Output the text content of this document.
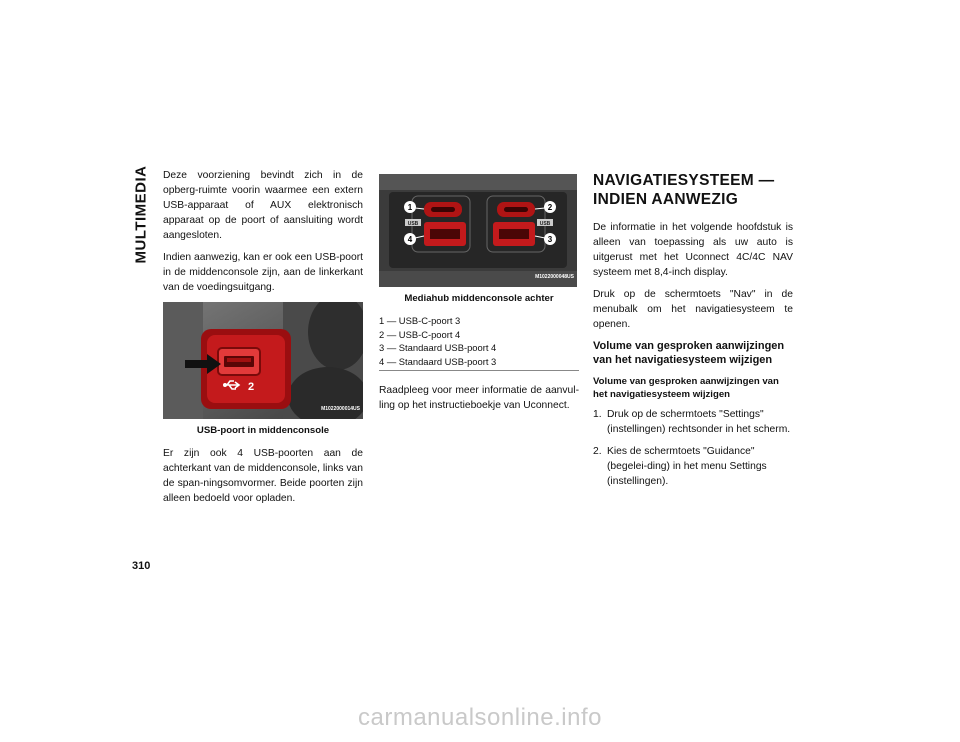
MULTIMEDIA Deze voorziening bevindt zich in de opberg-ruimte voorin waarmee een extern USB-apparaat of AUX elektronisch apparaat op de poort of aansluiting wordt aangesloten.

Indien aanwezig, kan er ook een USB-poort in de middenconsole zijn, aan de linkerkant van de voedingsuitgang.

2
M1022000014US
USB-poort in middenconsole

Er zijn ook 4 USB-poorten aan de achterkant van de middenconsole, links van de span-ningsomvormer. Beide poorten zijn alleen bedoeld voor opladen.

USB	USB
1	2
3
4
M1022000048US
Mediahub middenconsole achter
1 — USB-C-poort 3
2 — USB-C-poort 4
3 — Standaard USB-poort 4
4 — Standaard USB-poort 3

Raadpleeg voor meer informatie de aanvul-ling op het instructieboekje van Uconnect.

NAVIGATIESYSTEEM — INDIEN AANWEZIG

De informatie in het volgende hoofdstuk is alleen van toepassing als uw auto is uitgerust met het Uconnect 4C/4C NAV systeem met 8,4-inch display.

Druk op de schermtoets "Nav" in de menubalk om het navigatiesysteem te openen.

Volume van gesproken aanwijzingen van het navigatiesysteem wijzigen
Volume van gesproken aanwijzingen van het navigatiesysteem wijzigen
1. Druk op de schermtoets "Settings" (instellingen) rechtsonder in het scherm.
2. Kies de schermtoets "Guidance" (begelei-ding) in het menu Settings (instellingen).
310
carmanualsonline.info
